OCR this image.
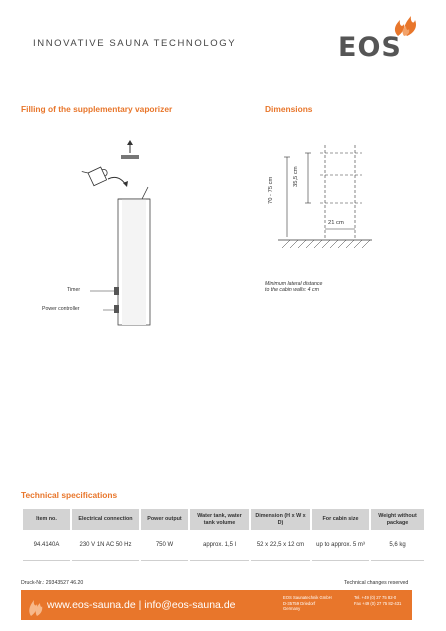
INNOVATIVE SAUNA TECHNOLOGY	EOS
Filling of the supplementary vaporizer	Dimensions
Timer
Power controller
70 - 75 cm	35,5 cm
21 cm
Minimum lateral distance
to the cabin walls: 4 cm
Technical specifications
Item no.	Electrical connection	Power output	Water tank, water tank volume	Dimension (H x W x D)	For cabin size	Weight without package
94.4140A	230 V 1N AC 50 Hz	750 W	approx. 1,5 l	52 x 22,5 x 12 cm	up to approx. 5 m³	5,6 kg
Druck-Nr.: 29343527 46.20	Technical changes reserved
www.eos-sauna.de | info@eos-sauna.de
EOS Saunatechnik GmbH
D-35759 Driedorf
Germany
Tel. +49 (0) 27 75 82-0
Fax +49 (0) 27 75 82-431
